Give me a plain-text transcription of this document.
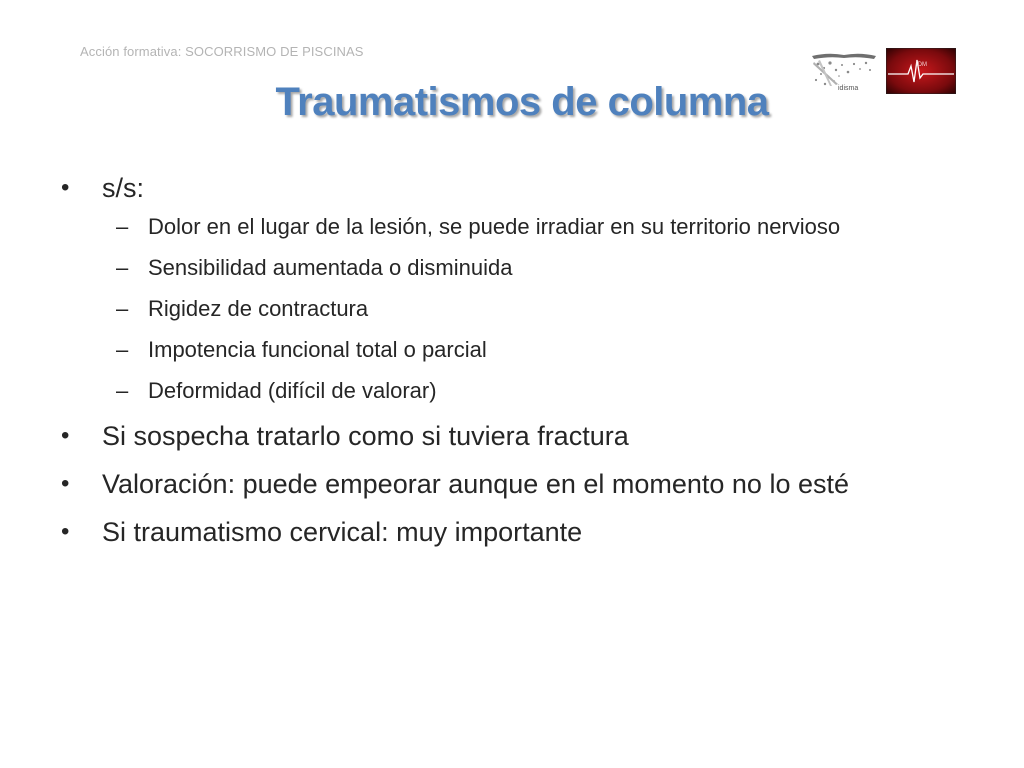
Acción formativa: SOCORRISMO DE PISCINAS
idisma
IDM
Traumatismos de columna
• s/s:
– Dolor en el lugar de la lesión, se puede irradiar en su territorio nervioso
– Sensibilidad aumentada o disminuida
– Rigidez de contractura
– Impotencia funcional total o parcial
– Deformidad (difícil de valorar)
• Si sospecha tratarlo como si tuviera fractura
• Valoración: puede empeorar aunque en el momento no lo esté
• Si traumatismo cervical: muy importante
